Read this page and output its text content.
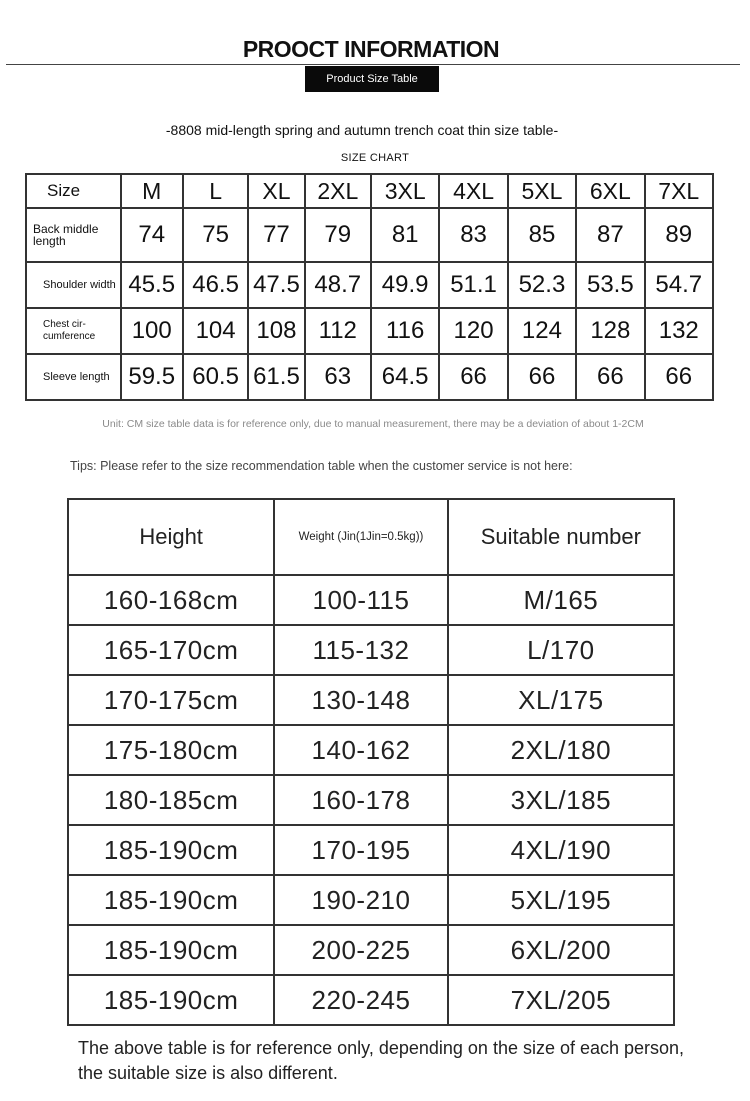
PROOCT INFORMATION
Product Size Table
-8808 mid-length spring and autumn trench coat thin size table-
SIZE CHART
Size	M	L	XL	2XL	3XL	4XL	5XL	6XL	7XL
Back middle length	74	75	77	79	81	83	85	87	89
Shoulder width	45.5	46.5	47.5	48.7	49.9	51.1	52.3	53.5	54.7
Chest cir-cumference	100	104	108	112	116	120	124	128	132
Sleeve length	59.5	60.5	61.5	63	64.5	66	66	66	66
Unit: CM size table data is for reference only, due to manual measurement, there may be a deviation of about 1-2CM
Tips: Please refer to the size recommendation table when the customer service is not here:
Height	Weight (Jin(1Jin=0.5kg))	Suitable number
160-168cm	100-115	M/165
165-170cm	115-132	L/170
170-175cm	130-148	XL/175
175-180cm	140-162	2XL/180
180-185cm	160-178	3XL/185
185-190cm	170-195	4XL/190
185-190cm	190-210	5XL/195
185-190cm	200-225	6XL/200
185-190cm	220-245	7XL/205
The above table is for reference only, depending on the size of each person, the suitable size is also different.
